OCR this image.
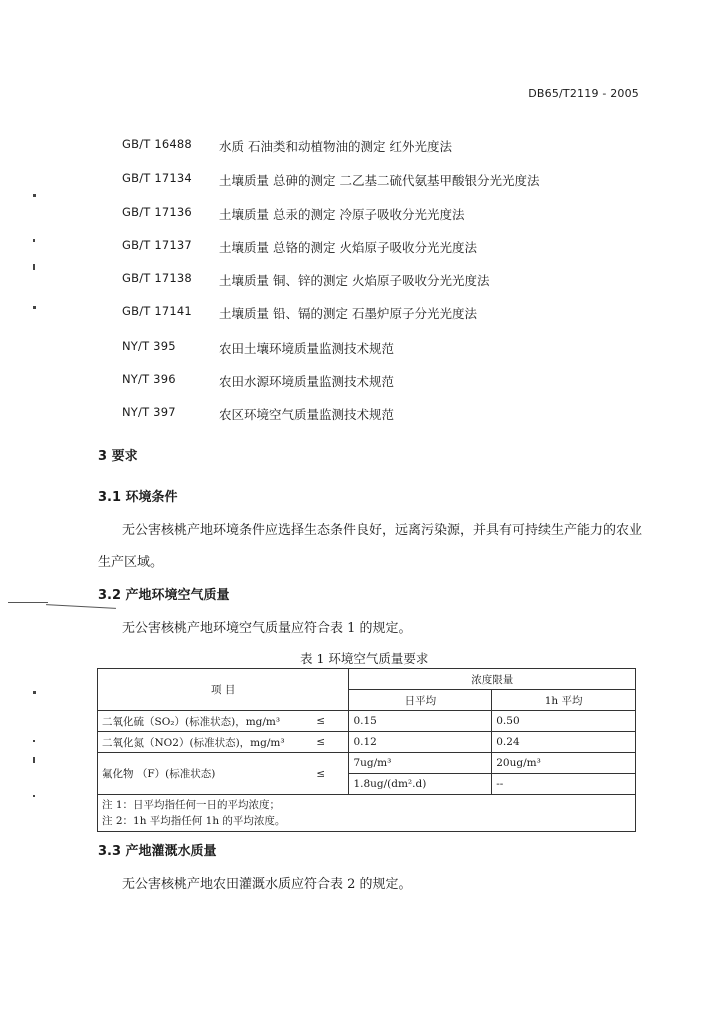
DB65/T2119 - 2005
GB/T 16488	水质 石油类和动植物油的测定 红外光度法
GB/T 17134	土壤质量 总砷的测定 二乙基二硫代氨基甲酸银分光光度法
GB/T 17136	土壤质量 总汞的测定 冷原子吸收分光光度法
GB/T 17137	土壤质量 总铬的测定 火焰原子吸收分光光度法
GB/T 17138	土壤质量 铜、锌的测定 火焰原子吸收分光光度法
GB/T 17141	土壤质量 铅、镉的测定 石墨炉原子分光光度法
NY/T 395	农田土壤环境质量监测技术规范
NY/T 396	农田水源环境质量监测技术规范
NY/T 397	农区环境空气质量监测技术规范
3 要求
3.1 环境条件
无公害核桃产地环境条件应选择生态条件良好，远离污染源，并具有可持续生产能力的农业
生产区域。
3.2 产地环境空气质量
无公害核桃产地环境空气质量应符合表 1 的规定。
表 1 环境空气质量要求
项 目		浓度限量	
		日平均	1h 平均
二氧化硫（SO₂）(标准状态)，mg/m³	≤	0.15	0.50
二氧化氮（NO2）(标准状态)，mg/m³	≤	0.12	0.24
氟化物 （F）(标准状态)	≤	7ug/m³	20ug/m³
		1.8ug/(dm².d)	--

注 1：日平均指任何一日的平均浓度；
注 2：1h 平均指任何 1h 的平均浓度。			
3.3 产地灌溉水质量
无公害核桃产地农田灌溉水质应符合表 2 的规定。
